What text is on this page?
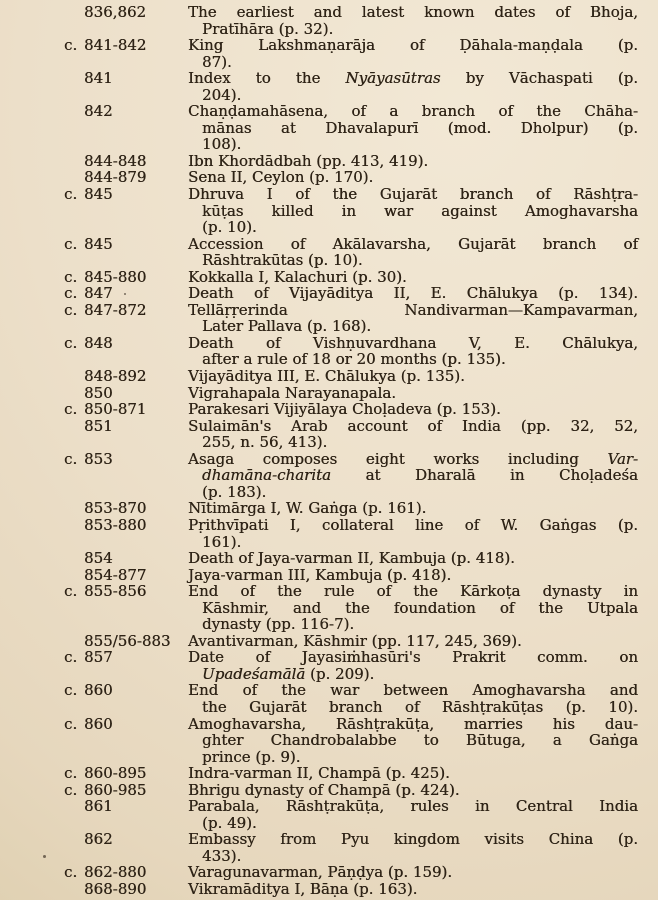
836,862	The earliest and latest known dates of Bhoja,
Pratīhāra (p. 32).
c. 841-842	King Lakshmaṇarāja of Ḍāhala-maṇḍala (p.
87).
841	Index to the Nyāyasūtras by Vāchaspati (p.
204).
842	Chaṇḍamahāsena, of a branch of the Chāha-
mānas at Dhavalapurī (mod. Dholpur) (p.
108).
844-848	Ibn Khordādbah (pp. 413, 419).
844-879	Sena II, Ceylon (p. 170).
c. 845	Dhruva I of the Gujarāt branch of Rāshṭra-
kūṭas killed in war against Amoghavarsha
(p. 10).
c. 845	Accession of Akālavarsha, Gujarāt branch of
Rāshtrakūtas (p. 10).
c. 845-880	Kokkalla I, Kalachuri (p. 30).
c. 847	Death of Vijayāditya II, E. Chālukya (p. 134).
c. 847-872	Tellāṛṛerinda Nandivarman—Kampavarman,
Later Pallava (p. 168).
c. 848	Death of Vishṇuvardhana V, E. Chālukya,
after a rule of 18 or 20 months (p. 135).
848-892	Vijayāditya III, E. Chālukya (p. 135).
850	Vigrahapala Narayanapala.
c. 850-871	Parakesari Vijiyālaya Choḷadeva (p. 153).
851	Sulaimān's Arab account of India (pp. 32, 52,
255, n. 56, 413).
c. 853	Asaga composes eight works including Var-
dhamāna-charita at Dharalā in Choḷadeśa
(p. 183).
853-870	Nītimārga I, W. Gaṅga (p. 161).
853-880	Pṛithvīpati I, collateral line of W. Gaṅgas (p.
161).
854	Death of Jaya-varman II, Kambuja (p. 418).
854-877	Jaya-varman III, Kambuja (p. 418).
c. 855-856	End of the rule of the Kārkoṭa dynasty in
Kāshmir, and the foundation of the Utpala
dynasty (pp. 116-7).
855/56-883	Avantivarman, Kāshmir (pp. 117, 245, 369).
c. 857	Date of Jayasiṁhasūri's Prakrit comm. on
Upadeśamālā (p. 209).
c. 860	End of the war between Amoghavarsha and
the Gujarāt branch of Rāshṭrakūṭas (p. 10).
c. 860	Amoghavarsha, Rāshṭrakūṭa, marries his dau-
ghter Chandrobalabbe to Būtuga, a Gaṅga
prince (p. 9).
c. 860-895	Indra-varman II, Champā (p. 425).
c. 860-985	Bhrigu dynasty of Champā (p. 424).
861	Parabala, Rāshṭrakūṭa, rules in Central India
(p. 49).
862	Embassy from Pyu kingdom visits China (p.
433).
c. 862-880	Varagunavarman, Pāṇḍya (p. 159).
868-890	Vikramāditya I, Bāṇa (p. 163).
